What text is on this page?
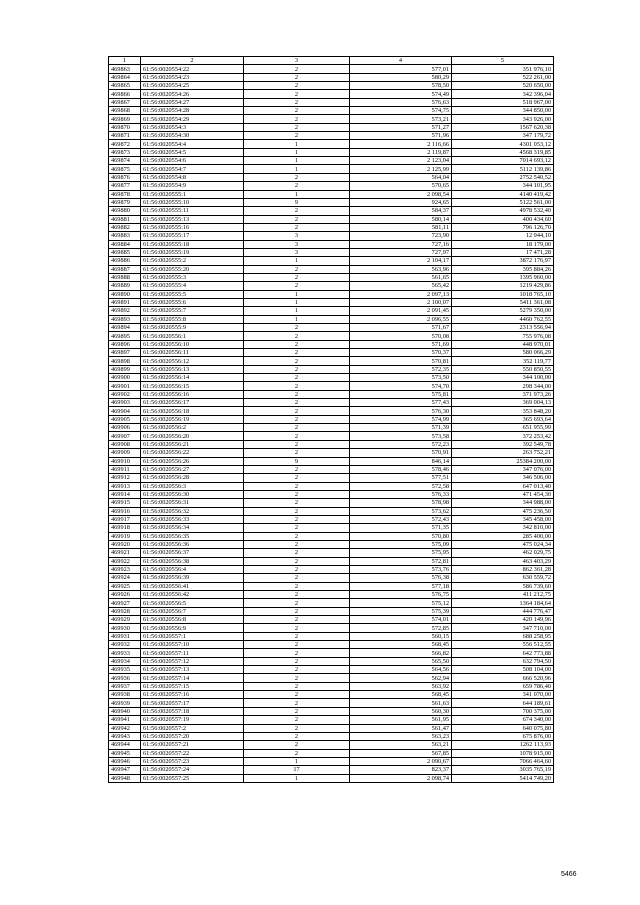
1	2	3	4	5
469863	61:56:0020554:22	2	577,01	351 976,10
469864	61:56:0020554:23	2	580,29	522 261,00
469865	61:56:0020554:25	2	578,50	520 650,00
469866	61:56:0020554:26	2	574,49	342 396,04
469867	61:56:0020554:27	2	576,63	518 967,00
469868	61:56:0020554:28	2	574,75	344 850,00
469869	61:56:0020554:29	2	573,21	343 926,00
469870	61:56:0020554:3	2	571,27	1567 620,38
469871	61:56:0020554:30	2	571,96	347 179,72
469872	61:56:0020554:4	1	2 116,66	4301 053,12
469873	61:56:0020554:5	1	2 119,87	4568 319,85
469874	61:56:0020554:6	1	2 123,04	7014 693,12
469875	61:56:0020554:7	1	2 125,99	5112 139,86
469876	61:56:0020554:8	2	564,04	2752 540,52
469877	61:56:0020554:9	2	570,65	344 101,95
469878	61:56:0020555:1	1	2 098,54	4140 419,42
469879	61:56:0020555:10	9	924,65	5122 561,00
469880	61:56:0020555:11	2	584,37	4978 532,40
469881	61:56:0020555:13	2	580,14	400 434,60
469882	61:56:0020555:16	2	581,11	796 126,70
469883	61:56:0020555:17	3	723,90	12 944,10
469884	61:56:0020555:18	3	727,16	18 179,00
469885	61:56:0020555:19	3	727,97	17 471,28
469886	61:56:0020555:2	1	2 104,17	3872 176,97
469887	61:56:0020555:20	2	563,96	395 884,26
469888	61:56:0020555:3	2	561,65	1395 960,00
469889	61:56:0020555:4	2	565,42	1219 429,86
469890	61:56:0020555:5	1	2 097,13	1018 765,10
469891	61:56:0020555:6	1	2 100,07	5411 361,08
469892	61:56:0020555:7	1	2 091,45	5279 350,00
469893	61:56:0020555:8	1	2 096,55	4460 762,55
469894	61:56:0020555:9	2	571,67	2313 556,94
469895	61:56:0020556:1	2	570,08	755 976,08
469896	61:56:0020556:10	2	571,69	448 970,01
469897	61:56:0020556:11	2	570,37	580 066,29
469898	61:56:0020556:12	2	570,81	352 119,77
469899	61:56:0020556:13	2	572,35	550 850,55
469900	61:56:0020556:14	2	573,50	344 100,00
469901	61:56:0020556:15	2	574,70	298 344,00
469902	61:56:0020556:16	2	575,81	371 973,26
469903	61:56:0020556:17	2	577,43	369 004,13
469904	61:56:0020556:18	2	576,30	353 848,20
469905	61:56:0020556:19	2	574,99	365 693,64
469906	61:56:0020556:2	2	571,39	651 955,99
469907	61:56:0020556:20	2	573,58	372 253,42
469908	61:56:0020556:21	2	572,23	392 549,78
469909	61:56:0020556:22	2	570,91	263 752,21
469910	61:56:0020556:26	9	846,14	25384 200,00
469911	61:56:0020556:27	2	578,46	347 076,00
469912	61:56:0020556:28	2	577,51	346 506,00
469913	61:56:0020556:3	2	572,58	647 013,40
469914	61:56:0020556:30	2	576,33	471 454,30
469915	61:56:0020556:31	2	578,98	344 988,00
469916	61:56:0020556:32	2	573,62	475 236,50
469917	61:56:0020556:33	2	572,43	345 458,00
469918	61:56:0020556:34	2	571,35	342 810,00
469919	61:56:0020556:35	2	570,80	285 400,00
469920	61:56:0020556:36	2	575,09	475 024,34
469921	61:56:0020556:37	2	575,95	462 029,75
469922	61:56:0020556:38	2	572,81	463 403,29
469923	61:56:0020556:4	2	573,76	862 361,28
469924	61:56:0020556:39	2	576,38	630 559,72
469925	61:56:0020556:41	2	577,18	586 739,60
469926	61:56:0020556:42	2	576,75	411 212,75
469927	61:56:0020556:5	2	575,12	1364 184,64
469928	61:56:0020556:7	2	575,39	444 776,47
469929	61:56:0020556:8	2	574,01	420 149,96
469930	61:56:0020556:9	2	572,85	347 710,00
469931	61:56:0020557:1	2	560,15	688 258,95
469932	61:56:0020557:10	2	568,45	556 512,55
469933	61:56:0020557:11	2	566,82	642 773,88
469934	61:56:0020557:12	2	565,50	632 794,50
469935	61:56:0020557:13	2	564,56	508 104,00
469936	61:56:0020557:14	2	562,94	666 520,96
469937	61:56:0020557:15	2	563,92	659 786,40
469938	61:56:0020557:16	2	568,45	341 070,00
469939	61:56:0020557:17	2	561,63	644 189,61
469940	61:56:0020557:18	2	560,30	700 375,00
469941	61:56:0020557:19	2	561,95	674 340,00
469942	61:56:0020557:2	2	561,47	640 075,80
469943	61:56:0020557:20	2	563,23	675 876,00
469944	61:56:0020557:21	2	563,21	1262 113,93
469945	61:56:0020557:22	2	567,85	1078 915,00
469946	61:56:0020557:23	1	2 090,67	7066 464,60
469947	61:56:0020557:24	17	823,37	3035 765,19
469948	61:56:0020557:25	1	2 098,74	5414 749,20
5466
